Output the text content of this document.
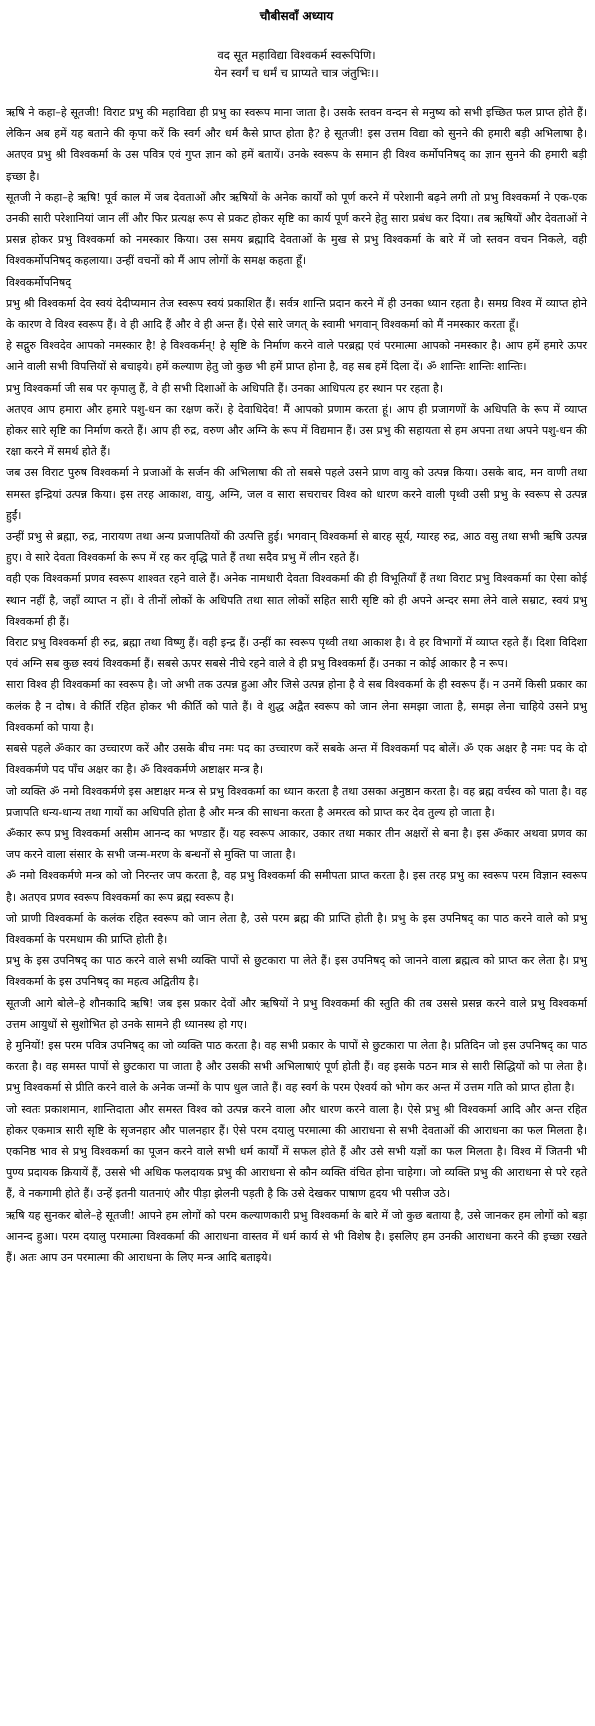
चौबीसवाँ अध्याय
वद सूत महाविद्या विश्वकर्म स्वरूपिणि।
येन स्वर्गं च धर्मं च प्राप्यते चात्र जंतुभिः।।

ऋषि ने कहा–हे सूतजी! विराट प्रभु की महाविद्या ही प्रभु का स्वरूप माना जाता है। उसके स्तवन वन्दन से मनुष्य को सभी इच्छित फल प्राप्त होते हैं। लेकिन अब हमें यह बताने की कृपा करें कि स्वर्ग और धर्म कैसे प्राप्त होता है? हे सूतजी! इस उत्तम विद्या को सुनने की हमारी बड़ी अभिलाषा है। अतएव प्रभु श्री विश्वकर्मा के उस पवित्र एवं गुप्त ज्ञान को हमें बतायें। उनके स्वरूप के समान ही विश्व कर्मोपनिषद् का ज्ञान सुनने की हमारी बड़ी इच्छा है।

सूतजी ने कहा–हे ऋषि! पूर्व काल में जब देवताओं और ऋषियों के अनेक कार्यों को पूर्ण करने में परेशानी बढ़ने लगी तो प्रभु विश्वकर्मा ने एक-एक उनकी सारी परेशानियां जान लीं और फिर प्रत्यक्ष रूप से प्रकट होकर सृष्टि का कार्य पूर्ण करने हेतु सारा प्रबंध कर दिया। तब ऋषियों और देवताओं ने प्रसन्न होकर प्रभु विश्वकर्मा को नमस्कार किया। उस समय ब्रह्मादि देवताओं के मुख से प्रभु विश्वकर्मा के बारे में जो स्तवन वचन निकले, वही विश्वकर्मोपनिषद् कहलाया। उन्हीं वचनों को मैं आप लोगों के समक्ष कहता हूँ।

विश्वकर्मोपनिषद्

प्रभु श्री विश्वकर्मा देव स्वयं देदीप्यमान तेज स्वरूप स्वयं प्रकाशित हैं। सर्वत्र शान्ति प्रदान करने में ही उनका ध्यान रहता है। समग्र विश्व में व्याप्त होने के कारण वे विश्व स्वरूप हैं। वे ही आदि हैं और वे ही अन्त हैं। ऐसे सारे जगत् के स्वामी भगवान् विश्वकर्मा को मैं नमस्कार करता हूँ।

हे सद्गुरु विश्वदेव आपको नमस्कार है! हे विश्वकर्मन्! हे सृष्टि के निर्माण करने वाले परब्रह्म एवं परमात्मा आपको नमस्कार है। आप हमें हमारे ऊपर आने वाली सभी विपत्तियों से बचाइये। हमें कल्याण हेतु जो कुछ भी हमें प्राप्त होना है, वह सब हमें दिला दें। ॐ शान्तिः शान्तिः शान्तिः।

प्रभु विश्वकर्मा जी सब पर कृपालु हैं, वे ही सभी दिशाओं के अधिपति हैं। उनका आधिपत्य हर स्थान पर रहता है।

अतएव आप हमारा और हमारे पशु-धन का रक्षण करें। हे देवाधिदेव! मैं आपको प्रणाम करता हूं। आप ही प्रजागणों के अधिपति के रूप में व्याप्त होकर सारे सृष्टि का निर्माण करते हैं। आप ही रुद्र, वरुण और अग्नि के रूप में विद्यमान हैं। उस प्रभु की सहायता से हम अपना तथा अपने पशु-धन की रक्षा करने में समर्थ होते हैं।

जब उस विराट पुरुष विश्वकर्मा ने प्रजाओं के सर्जन की अभिलाषा की तो सबसे पहले उसने प्राण वायु को उत्पन्न किया। उसके बाद, मन वाणी तथा समस्त इन्द्रियां उत्पन्न किया। इस तरह आकाश, वायु, अग्नि, जल व सारा सचराचर विश्व को धारण करने वाली पृथ्वी उसी प्रभु के स्वरूप से उत्पन्न हुईं।

उन्हीं प्रभु से ब्रह्मा, रुद्र, नारायण तथा अन्य प्रजापतियों की उत्पत्ति हुई। भगवान् विश्वकर्मा से बारह सूर्य, ग्यारह रुद्र, आठ वसु तथा सभी ऋषि उत्पन्न हुए। वे सारे देवता विश्वकर्मा के रूप में रह कर वृद्धि पाते हैं तथा सदैव प्रभु में लीन रहते हैं।

वही एक विश्वकर्मा प्रणव स्वरूप शाश्वत रहने वाले हैं। अनेक नामधारी देवता विश्वकर्मा की ही विभूतियाँ हैं तथा विराट प्रभु विश्वकर्मा का ऐसा कोई स्थान नहीं है, जहाँ व्याप्त न हों। वे तीनों लोकों के अधिपति तथा सात लोकों सहित सारी सृष्टि को ही अपने अन्दर समा लेने वाले सम्राट, स्वयं प्रभु विश्वकर्मा ही हैं।

विराट प्रभु विश्वकर्मा ही रुद्र, ब्रह्मा तथा विष्णु हैं। वही इन्द्र हैं। उन्हीं का स्वरूप पृथ्वी तथा आकाश है। वे हर विभागों में व्याप्त रहते हैं। दिशा विदिशा एवं अग्नि सब कुछ स्वयं विश्वकर्मा हैं। सबसे ऊपर सबसे नीचे रहने वाले वे ही प्रभु विश्वकर्मा हैं। उनका न कोई आकार है न रूप।

सारा विश्व ही विश्वकर्मा का स्वरूप है। जो अभी तक उत्पन्न हुआ और जिसे उत्पन्न होना है वे सब विश्वकर्मा के ही स्वरूप हैं। न उनमें किसी प्रकार का कलंक है न दोष। वे कीर्ति रहित होकर भी कीर्ति को पाते हैं। वे शुद्ध अद्वैत स्वरूप को जान लेना समझा जाता है, समझ लेना चाहिये उसने प्रभु विश्वकर्मा को पाया है।

सबसे पहले ॐकार का उच्चारण करें और उसके बीच नमः पद का उच्चारण करें सबके अन्त में विश्वकर्मा पद बोलें। ॐ एक अक्षर है नमः पद के दो विश्वकर्मणे पद पाँच अक्षर का है। ॐ विश्वकर्मणे अष्टाक्षर मन्त्र है।

जो व्यक्ति ॐ नमो विश्वकर्मणे इस अष्टाक्षर मन्त्र से प्रभु विश्वकर्मा का ध्यान करता है तथा उसका अनुष्ठान करता है। वह ब्रह्म वर्चस्व को पाता है। वह प्रजापति धन्य-धान्य तथा गायों का अधिपति होता है और मन्त्र की साधना करता है अमरत्व को प्राप्त कर देव तुल्य हो जाता है।

ॐकार रूप प्रभु विश्वकर्मा असीम आनन्द का भण्डार हैं। यह स्वरूप आकार, उकार तथा मकार तीन अक्षरों से बना है। इस ॐकार अथवा प्रणव का जप करने वाला संसार के सभी जन्म-मरण के बन्धनों से मुक्ति पा जाता है।

ॐ नमो विश्वकर्मणे मन्त्र को जो निरन्तर जप करता है, वह प्रभु विश्वकर्मा की समीपता प्राप्त करता है। इस तरह प्रभु का स्वरूप परम विज्ञान स्वरूप है। अतएव प्रणव स्वरूप विश्वकर्मा का रूप ब्रह्म स्वरूप है।

जो प्राणी विश्वकर्मा के कलंक रहित स्वरूप को जान लेता है, उसे परम ब्रह्म की प्राप्ति होती है। प्रभु के इस उपनिषद् का पाठ करने वाले को प्रभु विश्वकर्मा के परमधाम की प्राप्ति होती है।

प्रभु के इस उपनिषद् का पाठ करने वाले सभी व्यक्ति पापों से छुटकारा पा लेते हैं। इस उपनिषद् को जानने वाला ब्रह्मत्व को प्राप्त कर लेता है। प्रभु विश्वकर्मा के इस उपनिषद् का महत्व अद्वितीय है।

सूतजी आगे बोले–हे शौनकादि ऋषि! जब इस प्रकार देवों और ऋषियों ने प्रभु विश्वकर्मा की स्तुति की तब उससे प्रसन्न करने वाले प्रभु विश्वकर्मा उत्तम आयुधों से सुशोभित हो उनके सामने ही ध्यानस्थ हो गए।

हे मुनियों! इस परम पवित्र उपनिषद् का जो व्यक्ति पाठ करता है। वह सभी प्रकार के पापों से छुटकारा पा लेता है। प्रतिदिन जो इस उपनिषद् का पाठ करता है। वह समस्त पापों से छुटकारा पा जाता है और उसकी सभी अभिलाषाएं पूर्ण होती हैं। वह इसके पठन मात्र से सारी सिद्धियों को पा लेता है। प्रभु विश्वकर्मा से प्रीति करने वाले के अनेक जन्मों के पाप धुल जाते हैं। वह स्वर्ग के परम ऐश्वर्य को भोग कर अन्त में उत्तम गति को प्राप्त होता है।

जो स्वतः प्रकाशमान, शान्तिदाता और समस्त विश्व को उत्पन्न करने वाला और धारण करने वाला है। ऐसे प्रभु श्री विश्वकर्मा आदि और अन्त रहित होकर एकमात्र सारी सृष्टि के सृजनहार और पालनहार हैं। ऐसे परम दयालु परमात्मा की आराधना से सभी देवताओं की आराधना का फल मिलता है। एकनिष्ठ भाव से प्रभु विश्वकर्मा का पूजन करने वाले सभी धर्म कार्यों में सफल होते हैं और उसे सभी यज्ञों का फल मिलता है। विश्व में जितनी भी पुण्य प्रदायक क्रियायें हैं, उससे भी अधिक फलदायक प्रभु की आराधना से कौन व्यक्ति वंचित होना चाहेगा। जो व्यक्ति प्रभु की आराधना से परे रहते हैं, वे नकगामी होते हैं। उन्हें इतनी यातनाएं और पीड़ा झेलनी पड़ती है कि उसे देखकर पाषाण हृदय भी पसीज उठे।

ऋषि यह सुनकर बोले–हे सूतजी! आपने हम लोगों को परम कल्याणकारी प्रभु विश्वकर्मा के बारे में जो कुछ बताया है, उसे जानकर हम लोगों को बड़ा आनन्द हुआ। परम दयालु परमात्मा विश्वकर्मा की आराधना वास्तव में धर्म कार्य से भी विशेष है। इसलिए हम उनकी आराधना करने की इच्छा रखते हैं। अतः आप उन परमात्मा की आराधना के लिए मन्त्र आदि बताइये।
